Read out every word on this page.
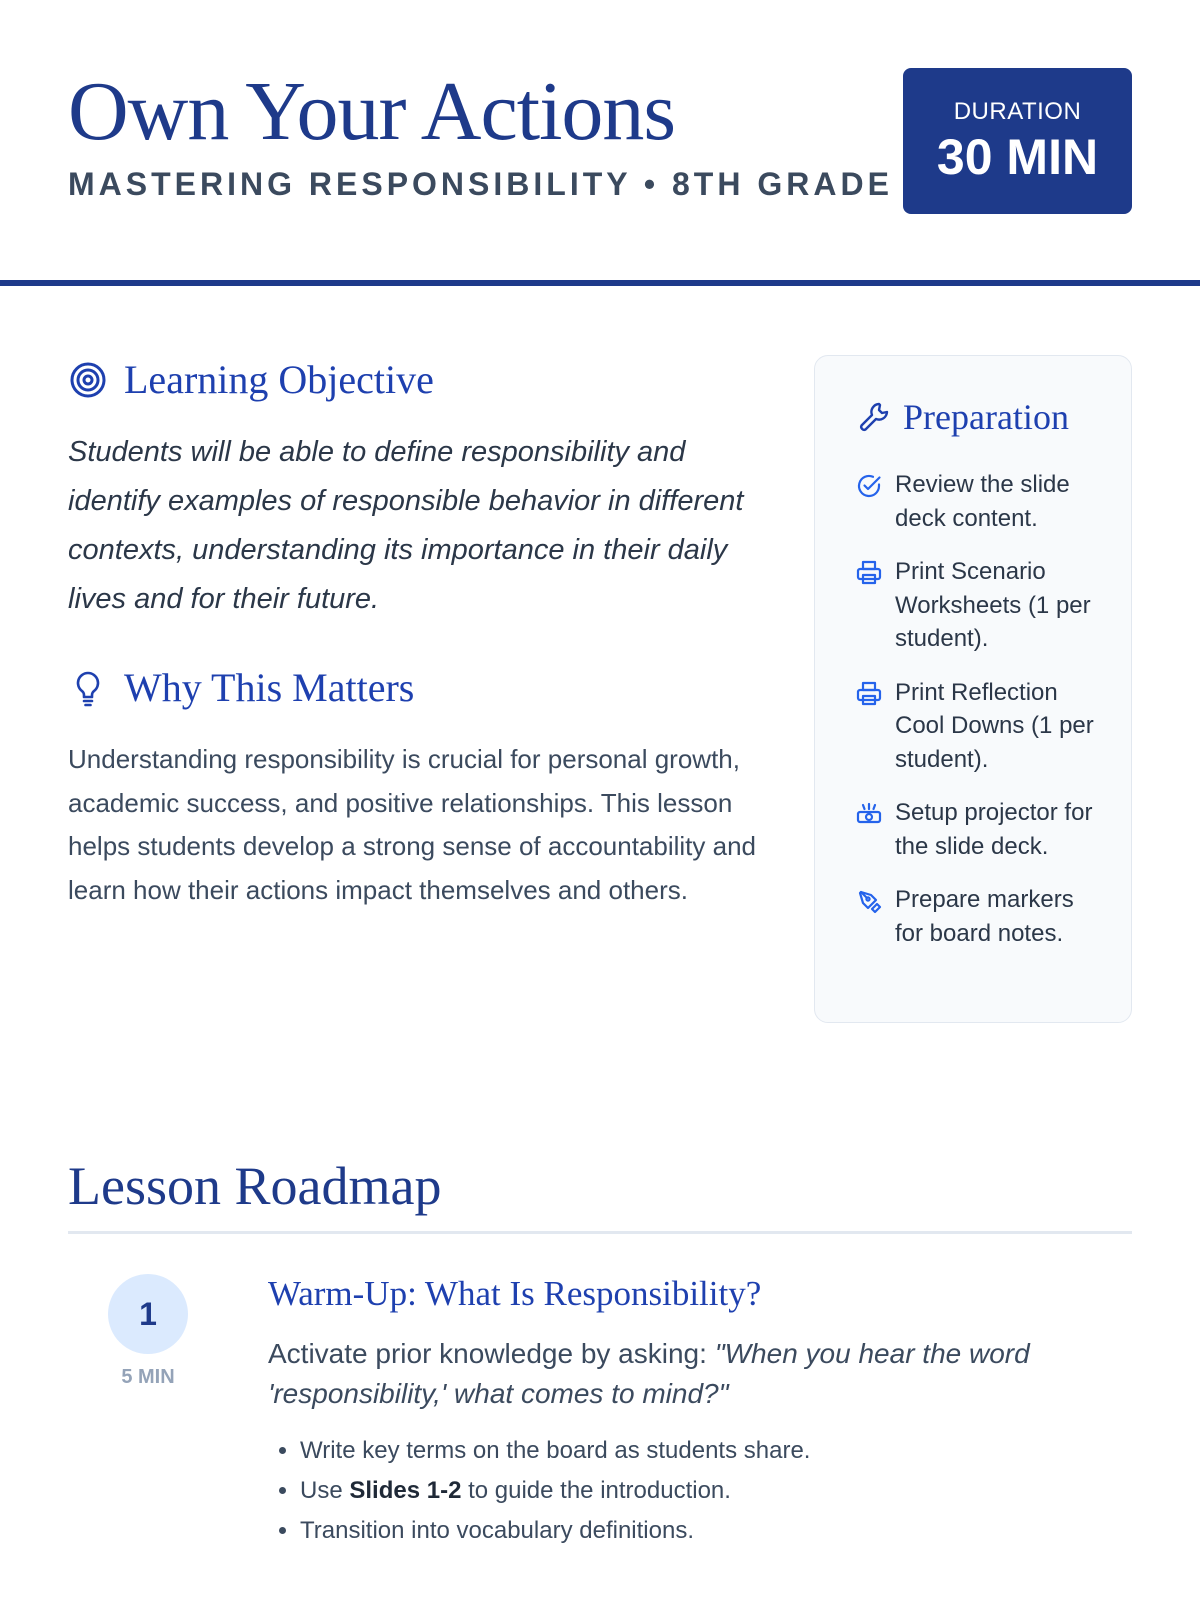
Own Your Actions
MASTERING RESPONSIBILITY • 8TH GRADE
DURATION
30 MIN
Learning Objective
Students will be able to define responsibility and identify examples of responsible behavior in different contexts, understanding its importance in their daily lives and for their future.
Why This Matters
Understanding responsibility is crucial for personal growth, academic success, and positive relationships. This lesson helps students develop a strong sense of accountability and learn how their actions impact themselves and others.
Preparation
Review the slide deck content.
Print Scenario Worksheets (1 per student).
Print Reflection Cool Downs (1 per student).
Setup projector for the slide deck.
Prepare markers for board notes.
Lesson Roadmap
1
5 MIN
Warm-Up: What Is Responsibility?
Activate prior knowledge by asking: "When you hear the word 'responsibility,' what comes to mind?"
• Write key terms on the board as students share.
• Use Slides 1-2 to guide the introduction.
• Transition into vocabulary definitions.
